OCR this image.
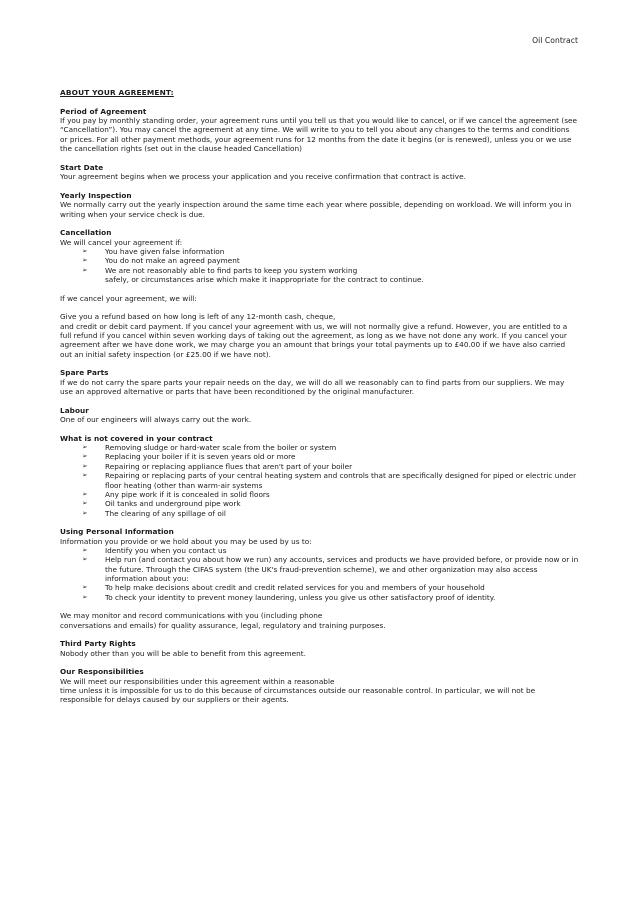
Oil Contract
ABOUT YOUR AGREEMENT:
Period of Agreement

If you pay by monthly standing order, your agreement runs until you tell us that you would like to cancel, or if we cancel the agreement (see “Cancellation”). You may cancel the agreement at any time. We will write to you to tell you about any changes to the terms and conditions or prices. For all other payment methods, your agreement runs for 12 months from the date it begins (or is renewed), unless you or we use the cancellation rights (set out in the clause headed Cancellation)

Start Date

Your agreement begins when we process your application and you receive confirmation that contract is active.

Yearly Inspection

We normally carry out the yearly inspection around the same time each year where possible, depending on workload. We will inform you in writing when your service check is due.

Cancellation

We will cancel your agreement if:

➢ You have given false information
➢ You do not make an agreed payment
➢ We are not reasonably able to find parts to keep you system working

safely, or circumstances arise which make it inappropriate for the contract to continue.

If we cancel your agreement, we will:

Give you a refund based on how long is left of any 12-month cash, cheque,

and credit or debit card payment. If you cancel your agreement with us, we will not normally give a refund. However, you are entitled to a full refund if you cancel within seven working days of taking out the agreement, as long as we have not done any work. If you cancel your agreement after we have done work, we may charge you an amount that brings your total payments up to £40.00 if we have also carried out an initial safety inspection (or £25.00 if we have not).

Spare Parts

If we do not carry the spare parts your repair needs on the day, we will do all we reasonably can to find parts from our suppliers. We may use an approved alternative or parts that have been reconditioned by the original manufacturer.

Labour

One of our engineers will always carry out the work.

What is not covered in your contract
➢ Removing sludge or hard-water scale from the boiler or system
➢ Replacing your boiler if it is seven years old or more
➢ Repairing or replacing appliance flues that aren't part of your boiler
➢ Repairing or replacing parts of your central heating system and controls that are specifically designed for piped or electric under floor heating (other than warm-air systems
➢ Any pipe work if it is concealed in solid floors
➢ Oil tanks and underground pipe work
➢ The clearing of any spillage of oil
Using Personal Information

Information you provide or we hold about you may be used by us to:

➢ Identify you when you contact us
➢ Help run (and contact you about how we run) any accounts, services and products we have provided before, or provide now or in the future. Through the CIFAS system (the UK's fraud-prevention scheme), we and other organization may also access information about you:
➢ To help make decisions about credit and credit related services for you and members of your household
➢ To check your identity to prevent money laundering, unless you give us other satisfactory proof of identity.

We may monitor and record communications with you (including phone

conversations and emails) for quality assurance, legal, regulatory and training purposes.

Third Party Rights

Nobody other than you will be able to benefit from this agreement.

Our Responsibilities

We will meet our responsibilities under this agreement within a reasonable

time unless it is impossible for us to do this because of circumstances outside our reasonable control. In particular, we will not be responsible for delays caused by our suppliers or their agents.
